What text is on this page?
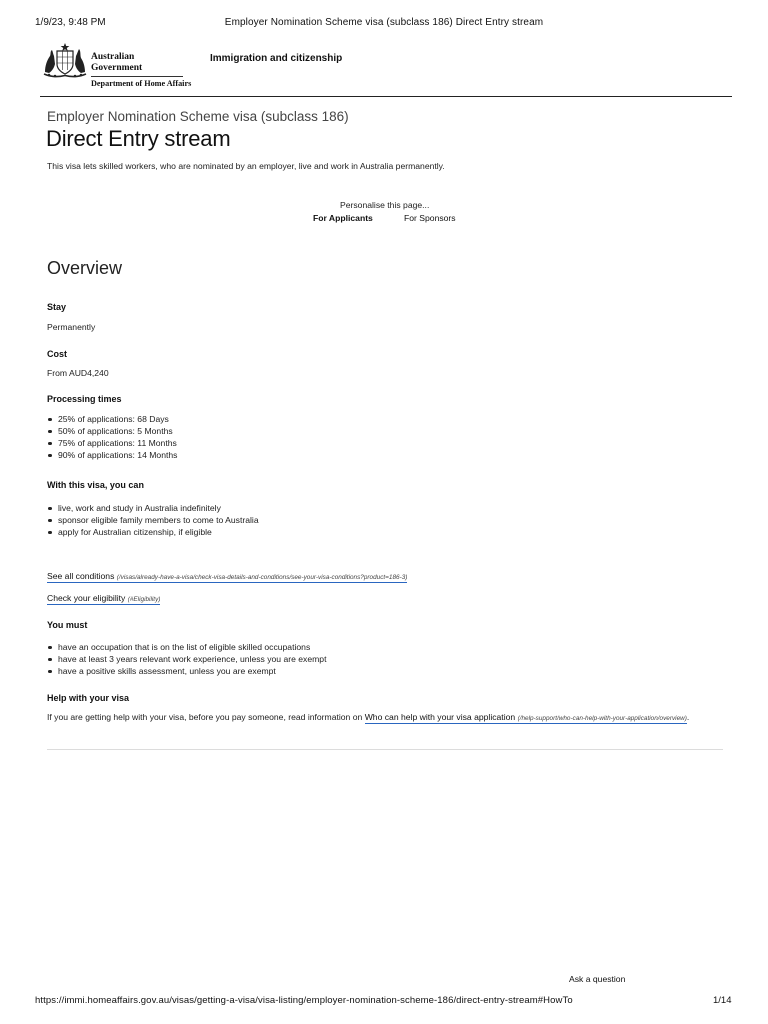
1/9/23, 9:48 PM	Employer Nomination Scheme visa (subclass 186) Direct Entry stream
Australian Government
Department of Home Affairs
Immigration and citizenship
Employer Nomination Scheme visa (subclass 186)
Direct Entry stream

This visa lets skilled workers, who are nominated by an employer, live and work in Australia permanently.

Personalise this page...
For Applicants	For Sponsors
Overview
Stay
Permanently
Cost
From AUD4,240
Processing times
25% of applications: 68 Days
50% of applications: 5 Months
75% of applications: 11 Months
90% of applications: 14 Months
With this visa, you can
live, work and study in Australia indefinitely
sponsor eligible family members to come to Australia
apply for Australian citizenship, if eligible
See all conditions (/visas/already-have-a-visa/check-visa-details-and-conditions/see-your-visa-conditions?product=186-3)
Check your eligibility (#Eligibility)
You must
have an occupation that is on the list of eligible skilled occupations
have at least 3 years relevant work experience, unless you are exempt
have a positive skills assessment, unless you are exempt
Help with your visa
If you are getting help with your visa, before you pay someone, read information on Who can help with your visa application (/help-support/who-can-help-with-your-application/overview).
Ask a question
https://immi.homeaffairs.gov.au/visas/getting-a-visa/visa-listing/employer-nomination-scheme-186/direct-entry-stream#HowTo	1/14
